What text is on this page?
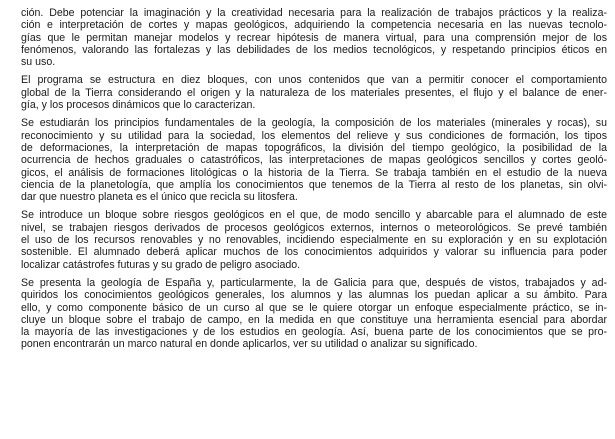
ción. Debe potenciar la imaginación y la creatividad necesaria para la realización de trabajos prácticos y la realiza-
ción e interpretación de cortes y mapas geológicos, adquiriendo la competencia necesaria en las nuevas tecnolo-
gías que le permitan manejar modelos y recrear hipótesis de manera virtual, para una comprensión mejor de los
fenómenos, valorando las fortalezas y las debilidades de los medios tecnológicos, y respetando principios éticos en
su uso.
El programa se estructura en diez bloques, con unos contenidos que van a permitir conocer el comportamiento
global de la Tierra considerando el origen y la naturaleza de los materiales presentes, el flujo y el balance de ener-
gía, y los procesos dinámicos que lo caracterizan.
Se estudiarán los principios fundamentales de la geología, la composición de los materiales (minerales y rocas), su
reconocimiento y su utilidad para la sociedad, los elementos del relieve y sus condiciones de formación, los tipos
de deformaciones, la interpretación de mapas topográficos, la división del tiempo geológico, la posibilidad de la
ocurrencia de hechos graduales o catastróficos, las interpretaciones de mapas geológicos sencillos y cortes geoló-
gicos, el análisis de formaciones litológicas o la historia de la Tierra. Se trabaja también en el estudio de la nueva
ciencia de la planetología, que amplía los conocimientos que tenemos de la Tierra al resto de los planetas, sin olvi-
dar que nuestro planeta es el único que recicla su litosfera.
Se introduce un bloque sobre riesgos geológicos en el que, de modo sencillo y abarcable para el alumnado de este
nivel, se trabajen riesgos derivados de procesos geológicos externos, internos o meteorológicos. Se prevé también
el uso de los recursos renovables y no renovables, incidiendo especialmente en su exploración y en su explotación
sostenible. El alumnado deberá aplicar muchos de los conocimientos adquiridos y valorar su influencia para poder
localizar catástrofes futuras y su grado de peligro asociado.
Se presenta la geología de España y, particularmente, la de Galicia para que, después de vistos, trabajados y ad-
quiridos los conocimientos geológicos generales, los alumnos y las alumnas los puedan aplicar a su ámbito. Para
ello, y como componente básico de un curso al que se le quiere otorgar un enfoque especialmente práctico, se in-
cluye un bloque sobre el trabajo de campo, en la medida en que constituye una herramienta esencial para abordar
la mayoría de las investigaciones y de los estudios en geología. Así, buena parte de los conocimientos que se pro-
ponen encontrarán un marco natural en donde aplicarlos, ver su utilidad o analizar su significado.
